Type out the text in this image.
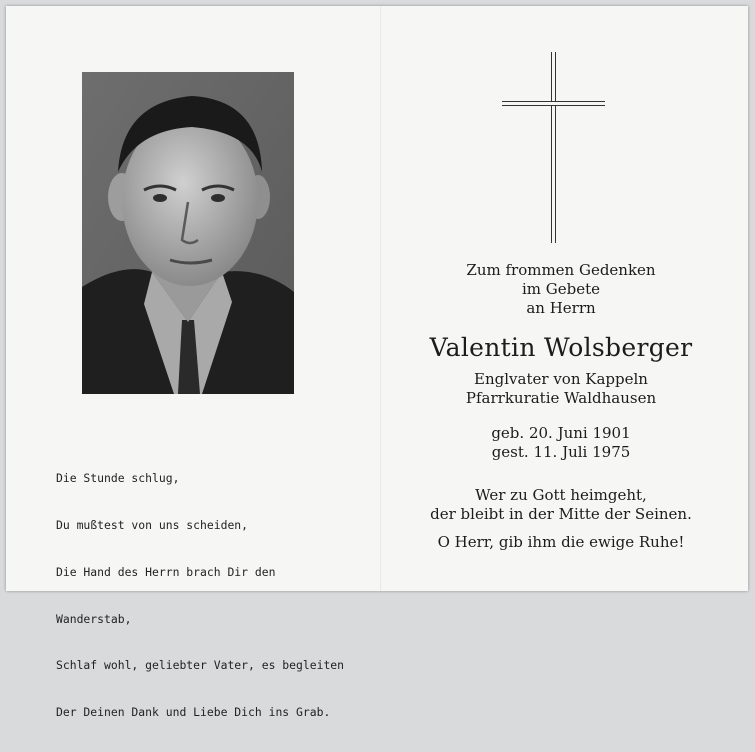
Die Stunde schlug,

Du mußtest von uns scheiden,

Die Hand des Herrn brach Dir den

Wanderstab,

Schlaf wohl, geliebter Vater, es begleiten

Der Deinen Dank und Liebe Dich ins Grab.

Zum frommen Gedenken
im Gebete
an Herrn
Valentin Wolsberger
Englvater von Kappeln
Pfarrkuratie Waldhausen
geb. 20. Juni 1901
gest. 11. Juli 1975
Wer zu Gott heimgeht,
der bleibt in der Mitte der Seinen.
O Herr, gib ihm die ewige Ruhe!
